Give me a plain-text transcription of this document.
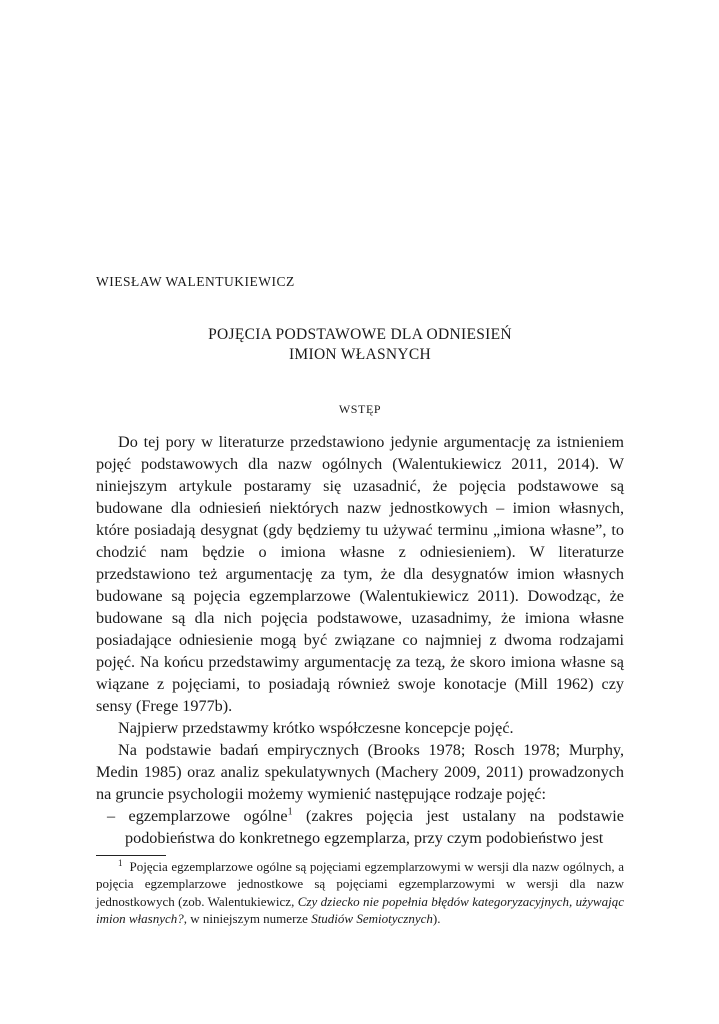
WIESŁAW WALENTUKIEWICZ
POJĘCIA PODSTAWOWE DLA ODNIESIEŃ
IMION WŁASNYCH
WSTĘP

Do tej pory w literaturze przedstawiono jedynie argumentację za istnieniem pojęć podstawowych dla nazw ogólnych (Walentukiewicz 2011, 2014). W niniejszym artykule postaramy się uzasadnić, że pojęcia podstawowe są budowane dla odniesień niektórych nazw jednostkowych – imion własnych, które posiadają desygnat (gdy będziemy tu używać terminu „imiona własne”, to chodzić nam będzie o imiona własne z odniesieniem). W literaturze przedstawiono też argumentację za tym, że dla desygnatów imion własnych budowane są pojęcia egzemplarzowe (Walentukiewicz 2011). Dowodząc, że budowane są dla nich pojęcia podstawowe, uzasadnimy, że imiona własne posiadające odniesienie mogą być związane co najmniej z dwoma rodzajami pojęć. Na końcu przedstawimy argumentację za tezą, że skoro imiona własne są wiązane z pojęciami, to posiadają również swoje konotacje (Mill 1962) czy sensy (Frege 1977b).

Najpierw przedstawmy krótko współczesne koncepcje pojęć.

Na podstawie badań empirycznych (Brooks 1978; Rosch 1978; Murphy, Medin 1985) oraz analiz spekulatywnych (Machery 2009, 2011) prowadzonych na gruncie psychologii możemy wymienić następujące rodzaje pojęć:

– egzemplarzowe ogólne$^1$ (zakres pojęcia jest ustalany na podstawie podobieństwa do konkretnego egzemplarza, przy czym podobieństwo jest

$^1$ Pojęcia egzemplarzowe ogólne są pojęciami egzemplarzowymi w wersji dla nazw ogólnych, a pojęcia egzemplarzowe jednostkowe są pojęciami egzemplarzowymi w wersji dla nazw jednostkowych (zob. Walentukiewicz, Czy dziecko nie popełnia błędów kategoryzacyjnych, używając imion własnych?, w niniejszym numerze Studiów Semiotycznych).
